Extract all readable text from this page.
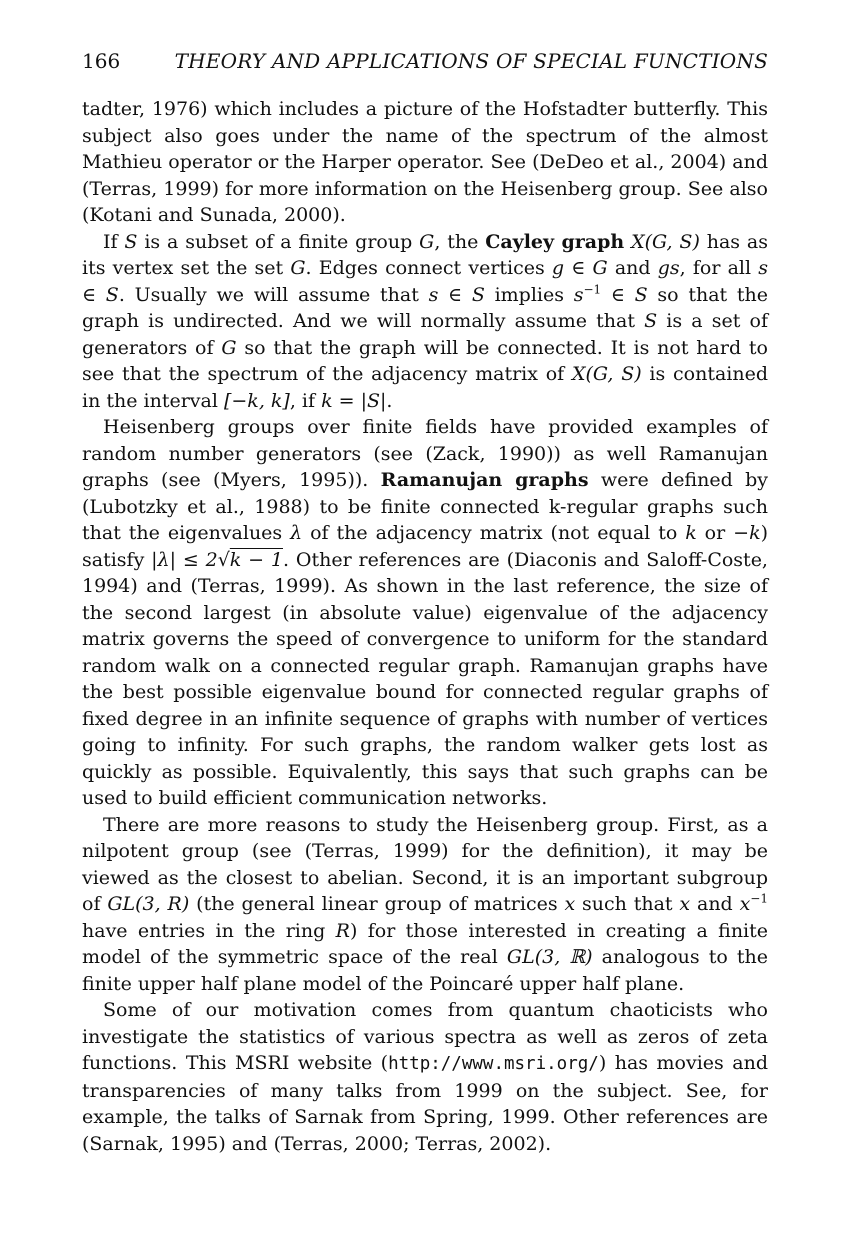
166	THEORY AND APPLICATIONS OF SPECIAL FUNCTIONS

tadter, 1976) which includes a picture of the Hofstadter butterfly. This subject also goes under the name of the spectrum of the almost Mathieu operator or the Harper operator. See (DeDeo et al., 2004) and (Terras, 1999) for more information on the Heisenberg group. See also (Kotani and Sunada, 2000).

If S is a subset of a finite group G, the Cayley graph X(G, S) has as its vertex set the set G. Edges connect vertices g ∈ G and gs, for all s ∈ S. Usually we will assume that s ∈ S implies $s^{-1}$ ∈ S so that the graph is undirected. And we will normally assume that S is a set of generators of G so that the graph will be connected. It is not hard to see that the spectrum of the adjacency matrix of X(G, S) is contained in the interval [−k, k], if k = |S|.

Heisenberg groups over finite fields have provided examples of random number generators (see (Zack, 1990)) as well Ramanujan graphs (see (Myers, 1995)). Ramanujan graphs were defined by (Lubotzky et al., 1988) to be finite connected k-regular graphs such that the eigenvalues λ of the adjacency matrix (not equal to k or −k) satisfy |λ| ≤ 2√k − 1. Other references are (Diaconis and Saloff-Coste, 1994) and (Terras, 1999). As shown in the last reference, the size of the second largest (in absolute value) eigenvalue of the adjacency matrix governs the speed of convergence to uniform for the standard random walk on a connected regular graph. Ramanujan graphs have the best possible eigenvalue bound for connected regular graphs of fixed degree in an infinite sequence of graphs with number of vertices going to infinity. For such graphs, the random walker gets lost as quickly as possible. Equivalently, this says that such graphs can be used to build efficient communication networks.

There are more reasons to study the Heisenberg group. First, as a nilpotent group (see (Terras, 1999) for the definition), it may be viewed as the closest to abelian. Second, it is an important subgroup of GL(3, R) (the general linear group of matrices x such that x and $x^{-1}$ have entries in the ring R) for those interested in creating a finite model of the symmetric space of the real GL(3, ℝ) analogous to the finite upper half plane model of the Poincaré upper half plane.

Some of our motivation comes from quantum chaoticists who investigate the statistics of various spectra as well as zeros of zeta functions. This MSRI website (http://www.msri.org/) has movies and transparencies of many talks from 1999 on the subject. See, for example, the talks of Sarnak from Spring, 1999. Other references are (Sarnak, 1995) and (Terras, 2000; Terras, 2002).
